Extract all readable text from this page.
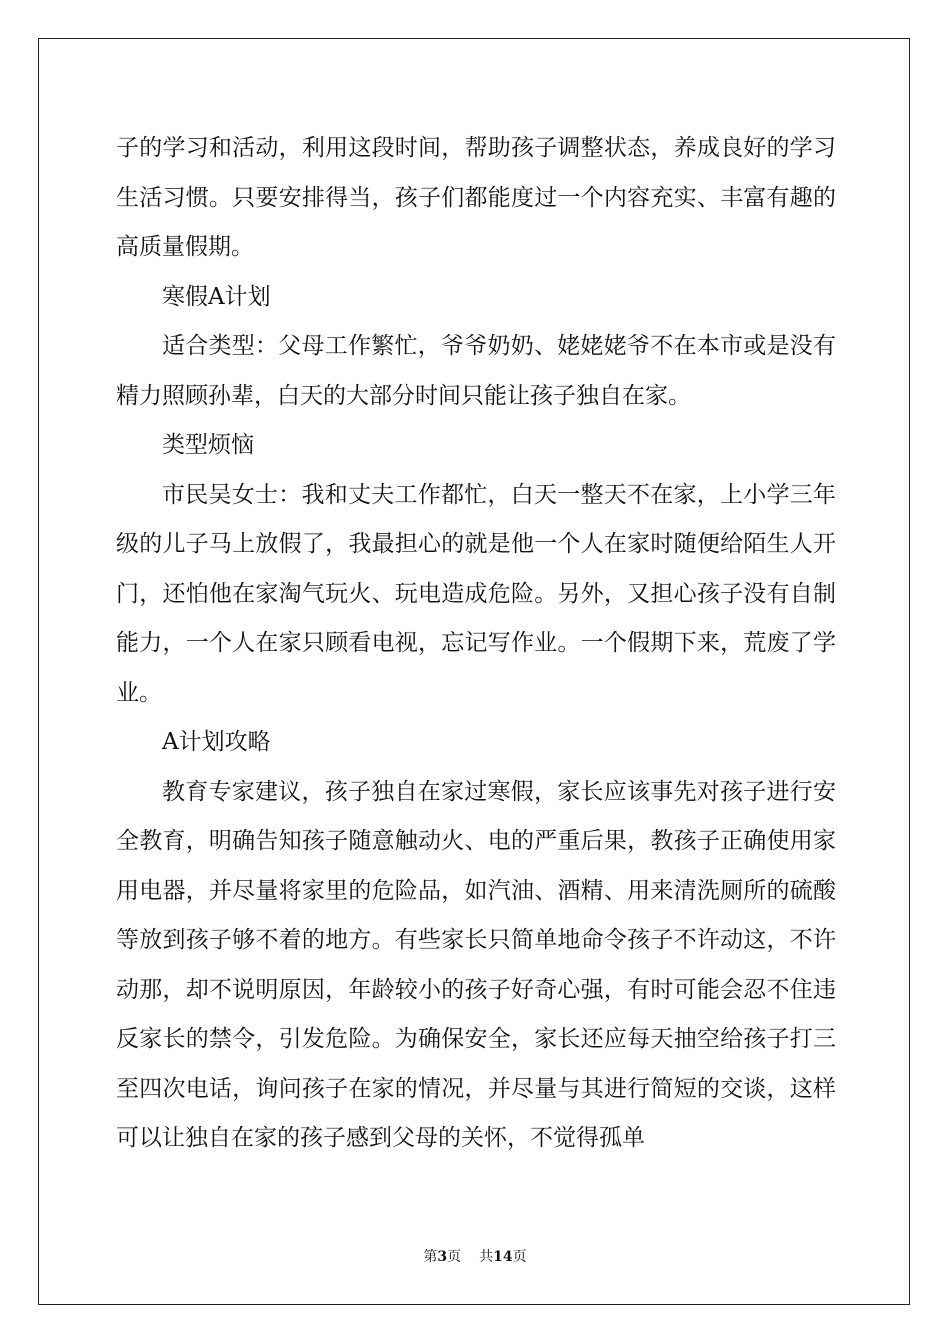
子的学习和活动，利用这段时间，帮助孩子调整状态，养成良好的学习生活习惯。只要安排得当，孩子们都能度过一个内容充实、丰富有趣的高质量假期。

寒假A计划

适合类型：父母工作繁忙，爷爷奶奶、姥姥姥爷不在本市或是没有精力照顾孙辈，白天的大部分时间只能让孩子独自在家。

类型烦恼

市民吴女士：我和丈夫工作都忙，白天一整天不在家，上小学三年级的儿子马上放假了，我最担心的就是他一个人在家时随便给陌生人开门，还怕他在家淘气玩火、玩电造成危险。另外，又担心孩子没有自制能力，一个人在家只顾看电视，忘记写作业。一个假期下来，荒废了学业。

A计划攻略

教育专家建议，孩子独自在家过寒假，家长应该事先对孩子进行安全教育，明确告知孩子随意触动火、电的严重后果，教孩子正确使用家用电器，并尽量将家里的危险品，如汽油、酒精、用来清洗厕所的硫酸等放到孩子够不着的地方。有些家长只简单地命令孩子不许动这，不许动那，却不说明原因，年龄较小的孩子好奇心强，有时可能会忍不住违反家长的禁令，引发危险。为确保安全，家长还应每天抽空给孩子打三至四次电话，询问孩子在家的情况，并尽量与其进行简短的交谈，这样可以让独自在家的孩子感到父母的关怀，不觉得孤单

第3页 共14页
